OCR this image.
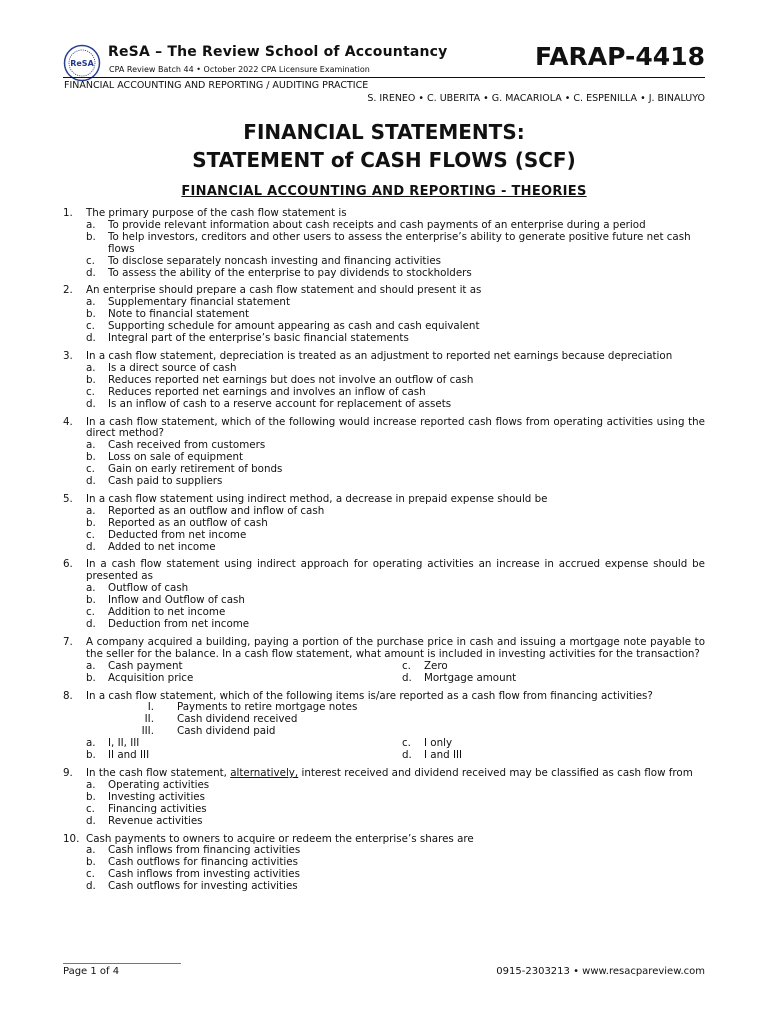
ReSA
ReSA – The Review School of Accountancy
CPA Review Batch 44 • October 2022 CPA Licensure Examination	FARAP-4418
FINANCIAL ACCOUNTING AND REPORTING / AUDITING PRACTICE
S. IRENEO • C. UBERITA • G. MACARIOLA • C. ESPENILLA • J. BINALUYO
FINANCIAL STATEMENTS:
STATEMENT of CASH FLOWS (SCF)
FINANCIAL ACCOUNTING AND REPORTING - THEORIES
1. The primary purpose of the cash flow statement is
a. To provide relevant information about cash receipts and cash payments of an enterprise during a period
b. To help investors, creditors and other users to assess the enterprise’s ability to generate positive future net cash flows
c. To disclose separately noncash investing and financing activities
d. To assess the ability of the enterprise to pay dividends to stockholders
2. An enterprise should prepare a cash flow statement and should present it as
a. Supplementary financial statement
b. Note to financial statement
c. Supporting schedule for amount appearing as cash and cash equivalent
d. Integral part of the enterprise’s basic financial statements
3. In a cash flow statement, depreciation is treated as an adjustment to reported net earnings because depreciation
a. Is a direct source of cash
b. Reduces reported net earnings but does not involve an outflow of cash
c. Reduces reported net earnings and involves an inflow of cash
d. Is an inflow of cash to a reserve account for replacement of assets
4. In a cash flow statement, which of the following would increase reported cash flows from operating activities using the direct method?
a. Cash received from customers
b. Loss on sale of equipment
c. Gain on early retirement of bonds
d. Cash paid to suppliers
5. In a cash flow statement using indirect method, a decrease in prepaid expense should be
a. Reported as an outflow and inflow of cash
b. Reported as an outflow of cash
c. Deducted from net income
d. Added to net income
6. In a cash flow statement using indirect approach for operating activities an increase in accrued expense should be presented as
a. Outflow of cash
b. Inflow and Outflow of cash
c. Addition to net income
d. Deduction from net income
7. A company acquired a building, paying a portion of the purchase price in cash and issuing a mortgage note payable to the seller for the balance. In a cash flow statement, what amount is included in investing activities for the transaction?
a. Cash payment	c. Zero
b. Acquisition price	d. Mortgage amount
8. In a cash flow statement, which of the following items is/are reported as a cash flow from financing activities?
I. Payments to retire mortgage notes
II. Cash dividend received
III. Cash dividend paid
a. I, II, III	c. I only
b. II and III	d. I and III
9. In the cash flow statement, alternatively, interest received and dividend received may be classified as cash flow from
a. Operating activities
b. Investing activities
c. Financing activities
d. Revenue activities
10. Cash payments to owners to acquire or redeem the enterprise’s shares are
a. Cash inflows from financing activities
b. Cash outflows for financing activities
c. Cash inflows from investing activities
d. Cash outflows for investing activities
Page 1 of 4	0915-2303213 • www.resacpareview.com
